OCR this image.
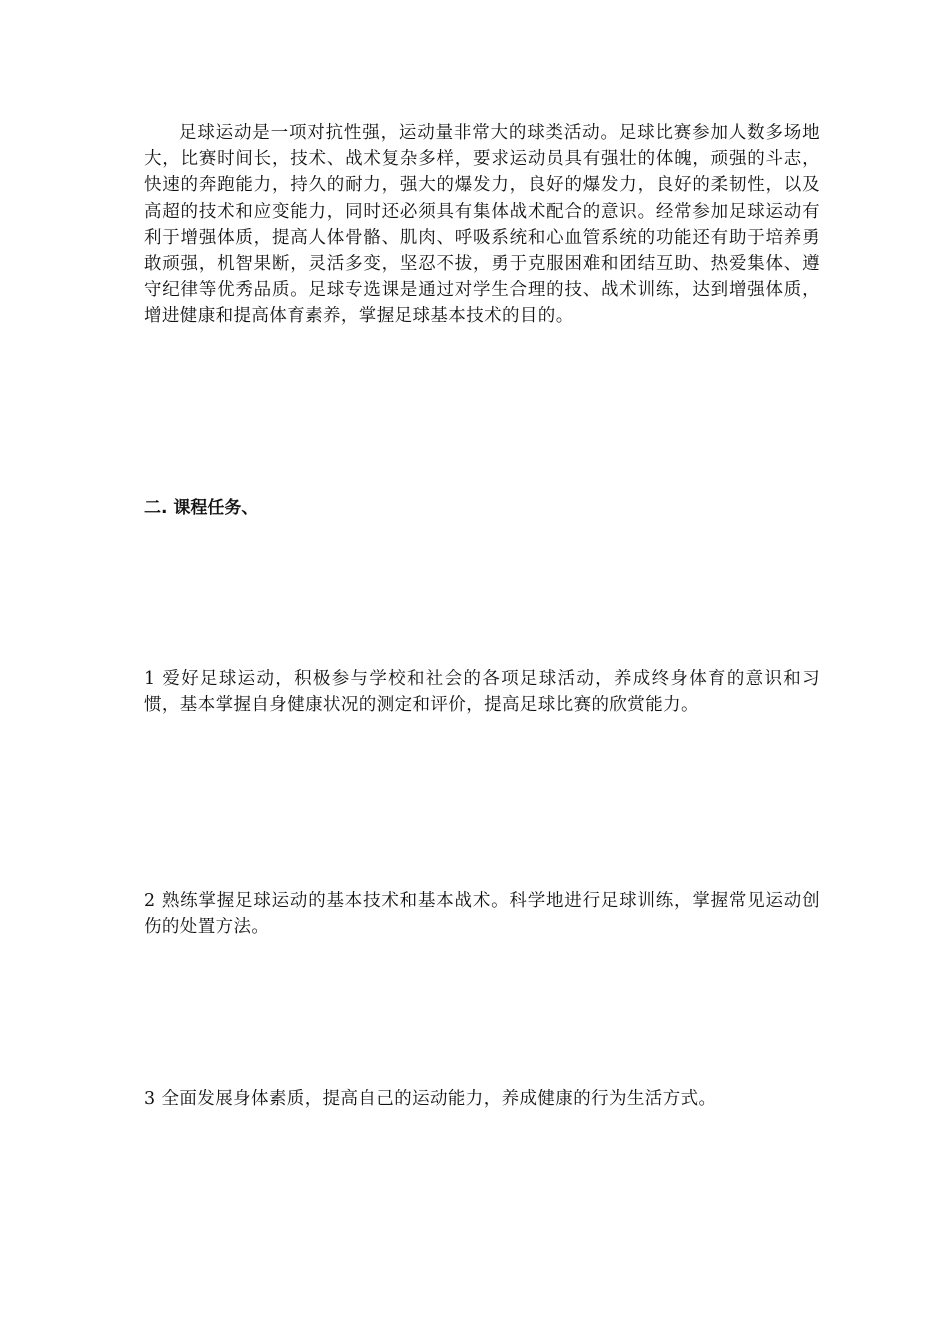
足球运动是一项对抗性强，运动量非常大的球类活动。足球比赛参加人数多场地大，比赛时间长，技术、战术复杂多样，要求运动员具有强壮的体魄，顽强的斗志，快速的奔跑能力，持久的耐力，强大的爆发力，良好的爆发力，良好的柔韧性，以及高超的技术和应变能力，同时还必须具有集体战术配合的意识。经常参加足球运动有利于增强体质，提高人体骨骼、肌肉、呼吸系统和心血管系统的功能还有助于培养勇敢顽强，机智果断，灵活多变，坚忍不拔，勇于克服困难和团结互助、热爱集体、遵守纪律等优秀品质。足球专选课是通过对学生合理的技、战术训练，达到增强体质，增进健康和提高体育素养，掌握足球基本技术的目的。

二. 课程任务、

1 爱好足球运动，积极参与学校和社会的各项足球活动，养成终身体育的意识和习惯，基本掌握自身健康状况的测定和评价，提高足球比赛的欣赏能力。

2 熟练掌握足球运动的基本技术和基本战术。科学地进行足球训练，掌握常见运动创伤的处置方法。

3 全面发展身体素质，提高自己的运动能力，养成健康的行为生活方式。
